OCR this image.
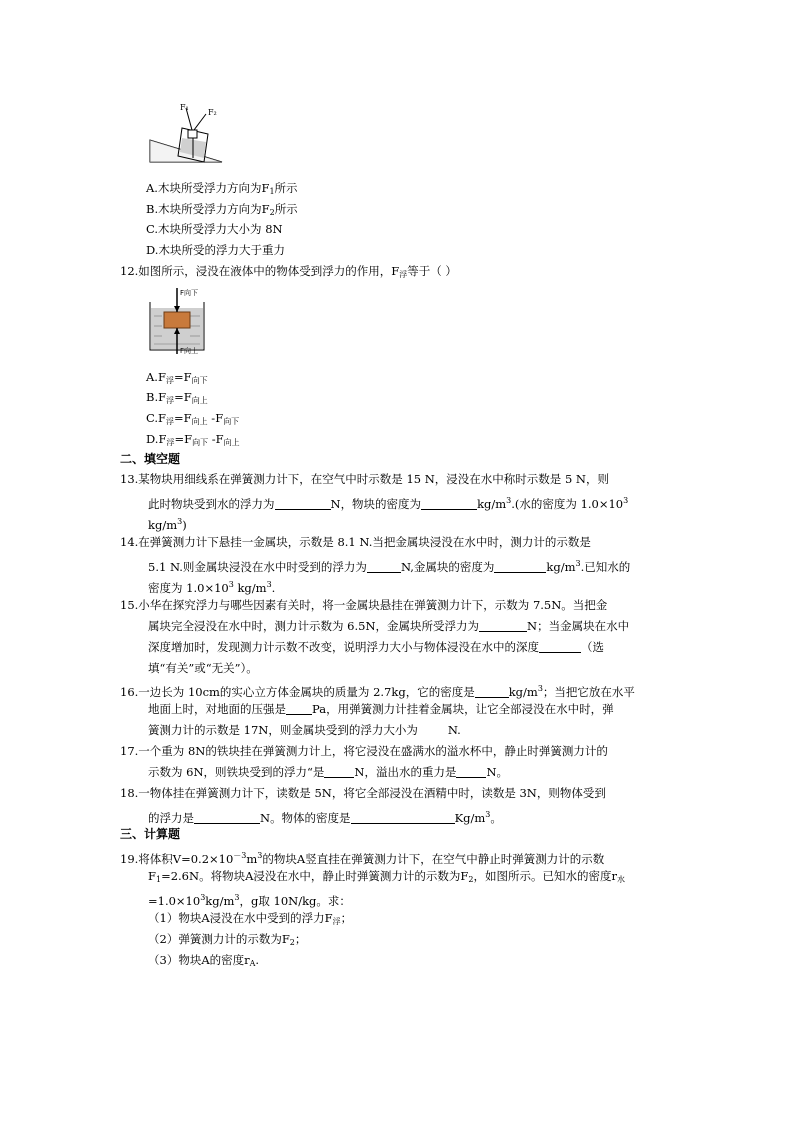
F₁
F₂
A.木块所受浮力方向为$F_1$所示
B.木块所受浮力方向为$F_2$所示
C.木块所受浮力大小为 8N
D.木块所受的浮力大于重力
12.如图所示，浸没在液体中的物体受到浮力的作用，$F_浮$等于（ ）
F向下
F向上
$A.F_浮=F_{向下}$
$B.F_浮=F_{向上}$
$C.F_浮=F_{向上}$ $-F_{向下}$
$D.F_浮=F_{向下}$ $-F_{向上}$
二、填空题
13.某物块用细线系在弹簧测力计下，在空气中时示数是 15 N，浸没在水中称时示数是 5 N，则
此时物块受到水的浮力为	N，物块的密度为	$kg/m^3$.(水的密度为 $1.0\times 10^3$
$kg/m^3$)
14.在弹簧测力计下悬挂一金属块，示数是 8.1 N.当把金属块浸没在水中时，测力计的示数是
5.1 N.则金属块浸没在水中时受到的浮力为	N,金属块的密度为	$kg/m^3$.已知水的
密度为 $1.0\times 10^3$ $kg/m^3$.
15.小华在探究浮力与哪些因素有关时，将一金属块悬挂在弹簧测力计下，示数为 7.5N。当把金
属块完全浸没在水中时，测力计示数为 6.5N，金属块所受浮力为	N；当金属块在水中
深度增加时，发现测力计示数不改变，说明浮力大小与物体浸没在水中的深度	（选
填“有关”或“无关”）。
16.一边长为 10cm的实心立方体金属块的质量为 2.7kg，它的密度是	$kg/m^3$；当把它放在水平
地面上时，对地面的压强是 Pa，用弹簧测力计挂着金属块，让它全部浸没在水中时，弹
簧测力计的示数是 17N，则金属块受到的浮力大小为	N.
17.一个重为 8N的铁块挂在弹簧测力计上，将它浸没在盛满水的溢水杯中，静止时弹簧测力计的
示数为 6N，则铁块受到的浮力“是	N，溢出水的重力是	N。
18.一物体挂在弹簧测力计下，读数是 5N，将它全部浸没在酒精中时，读数是 3N，则物体受到
的浮力是	N。物体的密度是	$Kg/m^3$。
三、计算题
19.将体积$V=0.2\times 10^{-3}m^3$的物块A竖直挂在弹簧测力计下，在空气中静止时弹簧测力计的示数
$F_1=2.6N$。将物块A浸没在水中，静止时弹簧测力计的示数为$F_2$，如图所示。已知水的密度$r_水$
$=1.0\times 10^3kg/m^3$，g取 10N/kg。求：
（1）物块A浸没在水中受到的浮力$F_浮$；
（2）弹簧测力计的示数为$F_2$；
（3）物块A的密度$r_A$.
